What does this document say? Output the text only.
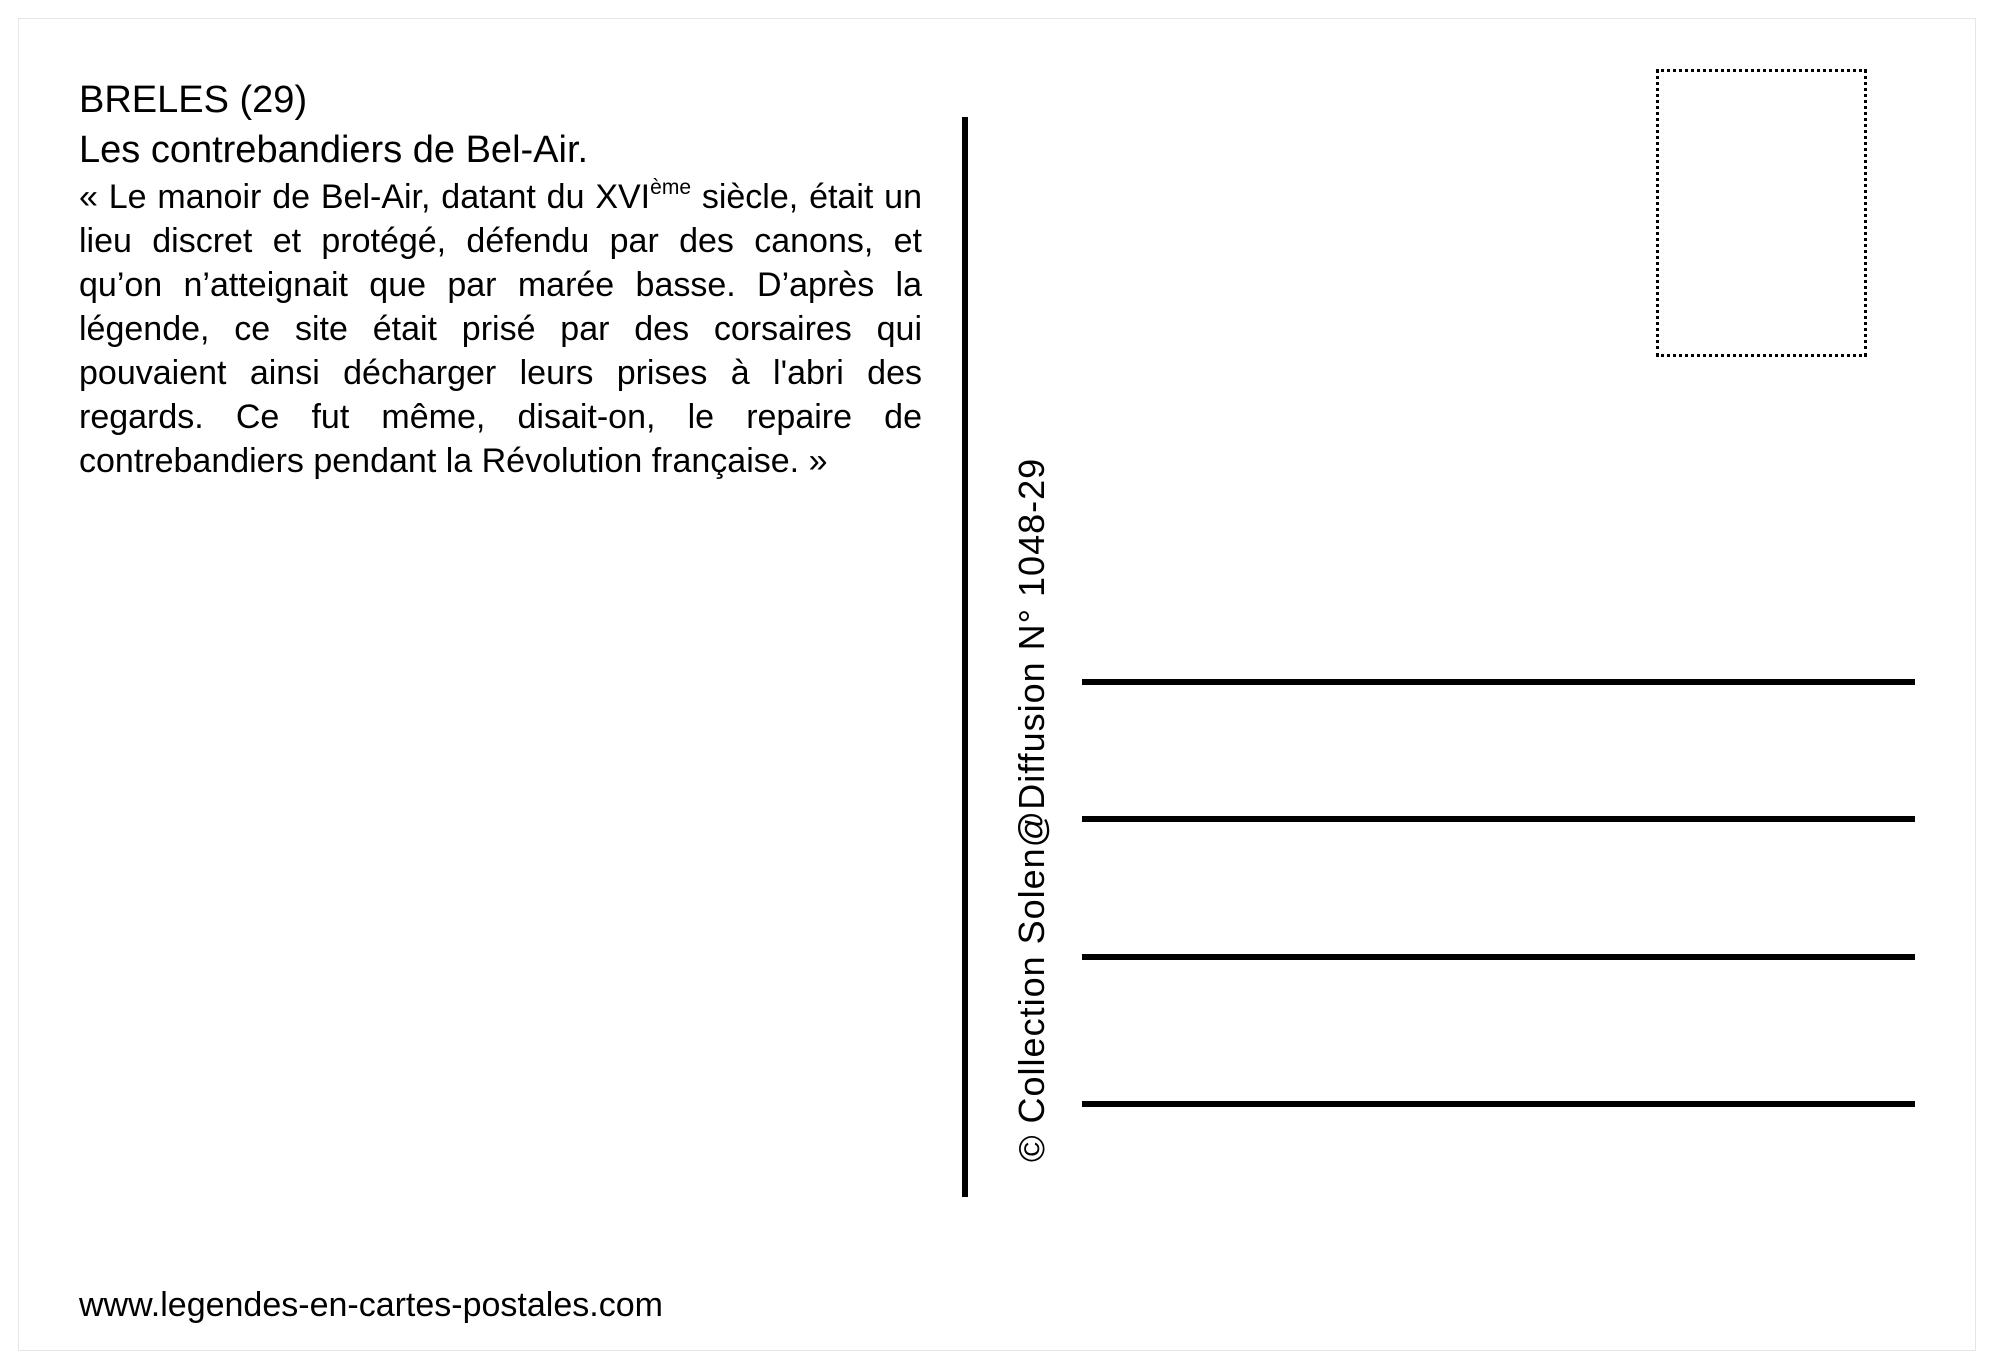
BRELES (29)
Les contrebandiers de Bel-Air.

« Le manoir de Bel-Air, datant du XVIème siècle, était un lieu discret et protégé, défendu par des canons, et qu’on n’atteignait que par marée basse. D’après la légende, ce site était prisé par des corsaires qui pouvaient ainsi décharger leurs prises à l'abri des regards. Ce fut même, disait-on, le repaire de contrebandiers pendant la Révolution française. »	© Collection Solen@Diffusion N° 1048-29

www.legendes-en-cartes-postales.com
